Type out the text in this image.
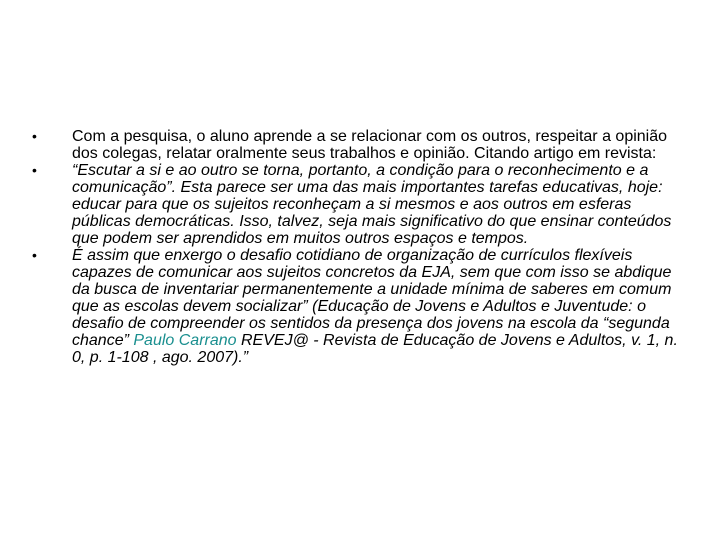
• Com a pesquisa, o aluno aprende a se relacionar com os outros, respeitar a opinião dos colegas, relatar oralmente seus trabalhos e opinião. Citando artigo em revista:
• “Escutar a si e ao outro se torna, portanto, a condição para o reconhecimento e a comunicação”. Esta parece ser uma das mais importantes tarefas educativas, hoje: educar para que os sujeitos reconheçam a si mesmos e aos outros em esferas públicas democráticas. Isso, talvez, seja mais significativo do que ensinar conteúdos que podem ser aprendidos em muitos outros espaços e tempos.
• É assim que enxergo o desafio cotidiano de organização de currículos flexíveis capazes de comunicar aos sujeitos concretos da EJA, sem que com isso se abdique da busca de inventariar permanentemente a unidade mínima de saberes em comum que as escolas devem socializar” (Educação de Jovens e Adultos e Juventude: o desafio de compreender os sentidos da presença dos jovens na escola da “segunda chance” Paulo Carrano REVEJ@ - Revista de Educação de Jovens e Adultos, v. 1, n. 0, p. 1-108 , ago. 2007).”
